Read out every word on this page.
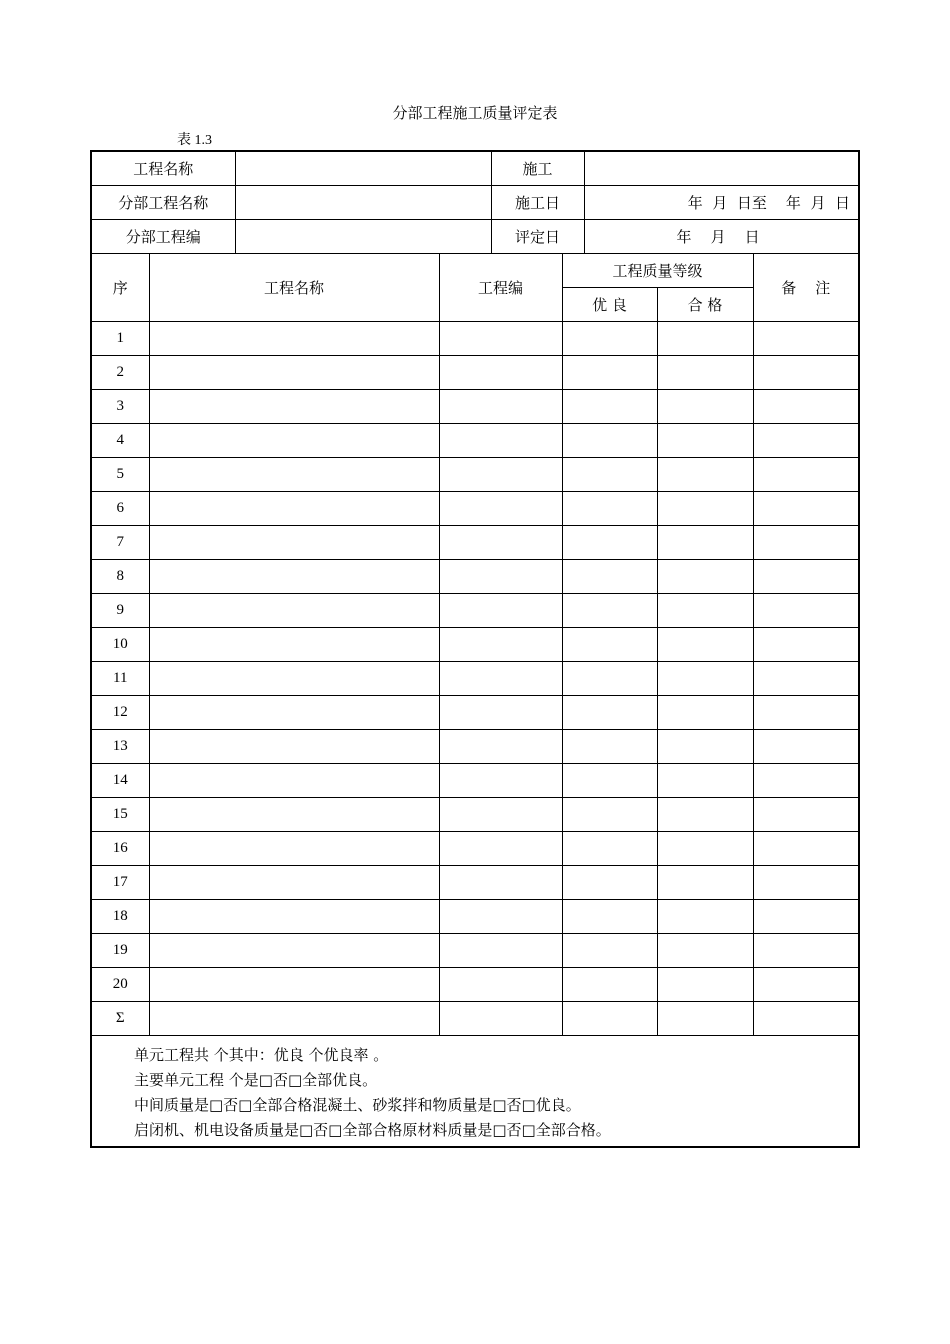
分部工程施工质量评定表
表 1.3
工程名称		施工	
分部工程名称		施工日	年  月  日至    年  月  日
分部工程编		评定日	年    月    日
序	工程名称	工程编	工程质量等级		备    注
			优 良	合 格	
1					
2					
3					
4					
5					
6					
7					
8					
9					
10					
11					
12					
13					
14					
15					
16					
17					
18					
19					
20					
Σ					
单元工程共 个其中：优良 个优良率 。
主要单元工程 个是□否□全部优良。
中间质量是□否□全部合格混凝土、砂浆拌和物质量是□否□优良。
启闭机、机电设备质量是□否□全部合格原材料质量是□否□全部合格。
